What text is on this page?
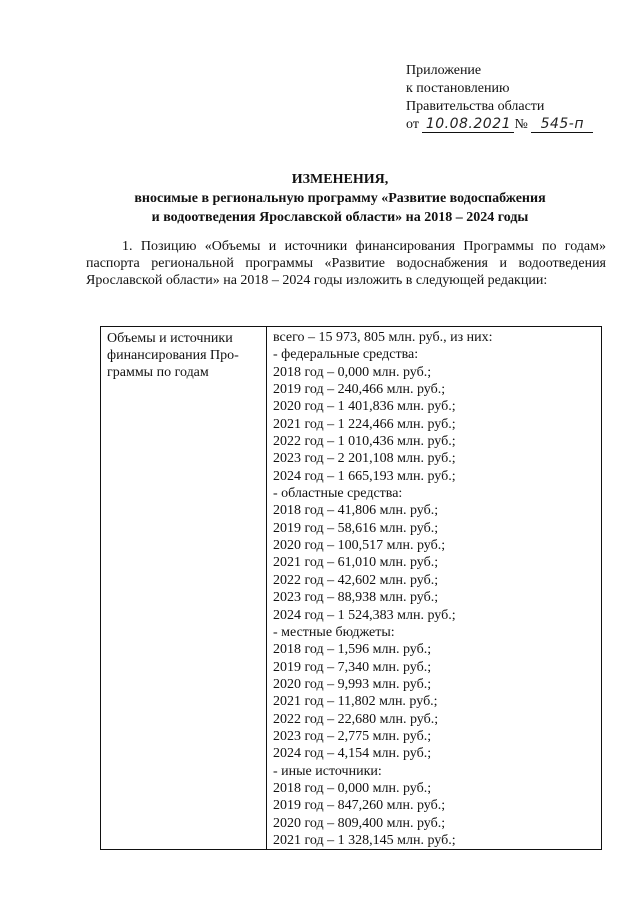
Приложение
к постановлению
Правительства области
от 10.08.2021 № 545-п
ИЗМЕНЕНИЯ,
вносимые в региональную программу «Развитие водоспабжения
и водоотведения Ярославской области» на 2018 – 2024 годы
1. Позицию «Объемы и источники финансирования Программы по годам» паспорта региональной программы «Развитие водоснабжения и водоотведения Ярославской области» на 2018 – 2024 годы изложить в следующей редакции:
Объемы и источники финансирования Про-граммы по годам
всего – 15 973, 805 млн. руб., из них:
- федеральные средства:
2018 год – 0,000 млн. руб.;
2019 год – 240,466 млн. руб.;
2020 год – 1 401,836 млн. руб.;
2021 год – 1 224,466 млн. руб.;
2022 год – 1 010,436 млн. руб.;
2023 год – 2 201,108 млн. руб.;
2024 год – 1 665,193 млн. руб.;
- областные средства:
2018 год – 41,806 млн. руб.;
2019 год – 58,616 млн. руб.;
2020 год – 100,517 млн. руб.;
2021 год – 61,010 млн. руб.;
2022 год – 42,602 млн. руб.;
2023 год – 88,938 млн. руб.;
2024 год – 1 524,383 млн. руб.;
- местные бюджеты:
2018 год – 1,596 млн. руб.;
2019 год – 7,340 млн. руб.;
2020 год – 9,993 млн. руб.;
2021 год – 11,802 млн. руб.;
2022 год – 22,680 млн. руб.;
2023 год – 2,775 млн. руб.;
2024 год – 4,154 млн. руб.;
- иные источники:
2018 год – 0,000 млн. руб.;
2019 год – 847,260 млн. руб.;
2020 год – 809,400 млн. руб.;
2021 год – 1 328,145 млн. руб.;
